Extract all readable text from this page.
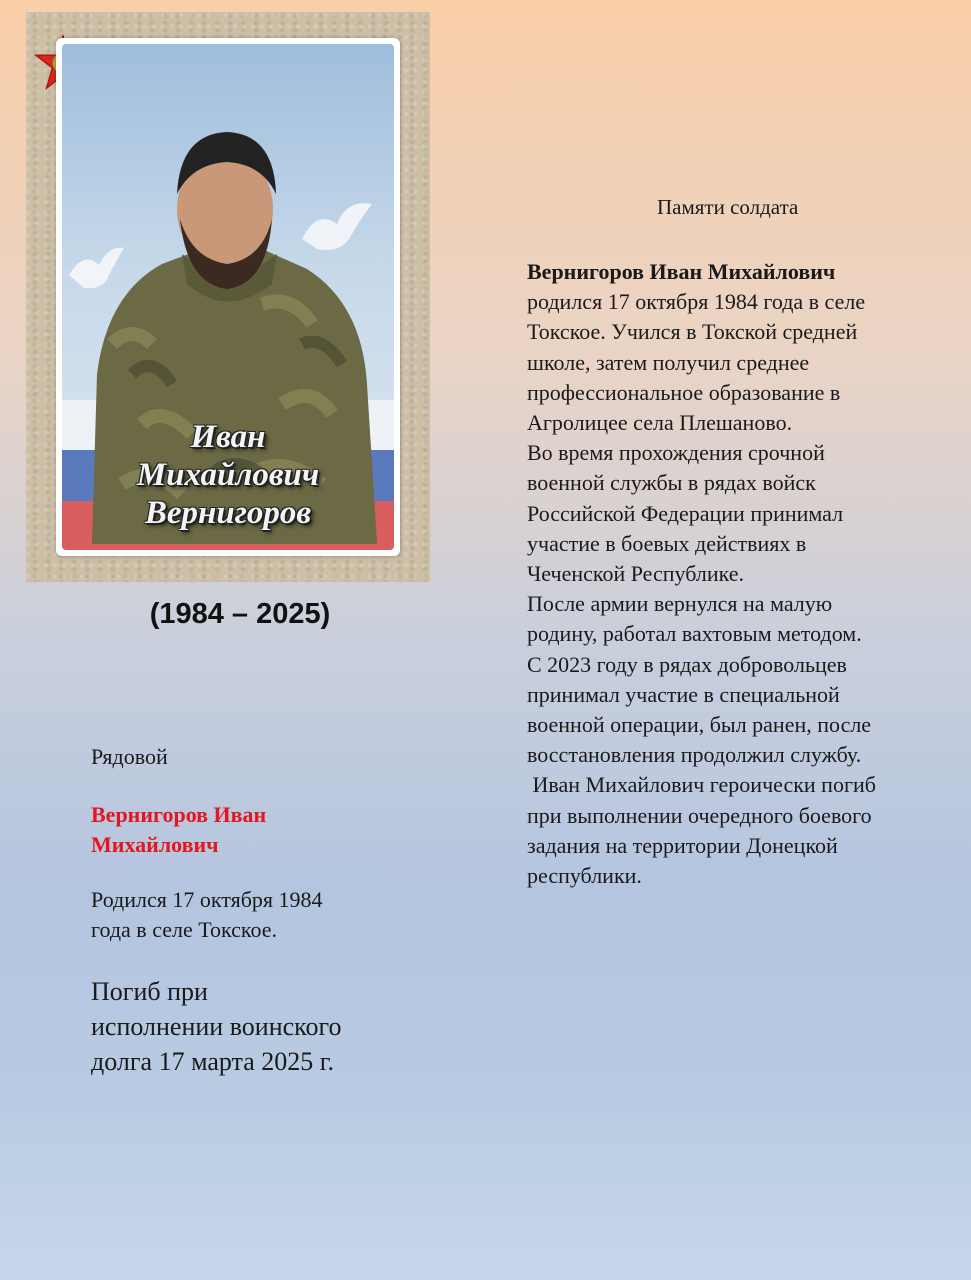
Иван
Михайлович
Вернигоров
(1984 – 2025)
Рядовой
Вернигоров Иван
Михайлович
Родился 17 октября 1984
года в селе Токское.
Погиб при
исполнении воинского
долга 17 марта 2025 г.
Памяти солдата
Вернигоров Иван Михайлович
родился 17 октября 1984 года в селе
Токское. Учился в Токской средней
школе, затем получил среднее
профессиональное образование в
Агролицее села Плешаново.
Во время прохождения срочной
военной службы в рядах войск
Российской Федерации принимал
участие в боевых действиях в
Чеченской Республике.
После армии вернулся на малую
родину, работал вахтовым методом.
С 2023 году в рядах добровольцев
принимал участие в специальной
военной операции, был ранен, после
восстановления продолжил службу.
Иван Михайлович героически погиб
при выполнении очередного боевого
задания на территории Донецкой
республики.
